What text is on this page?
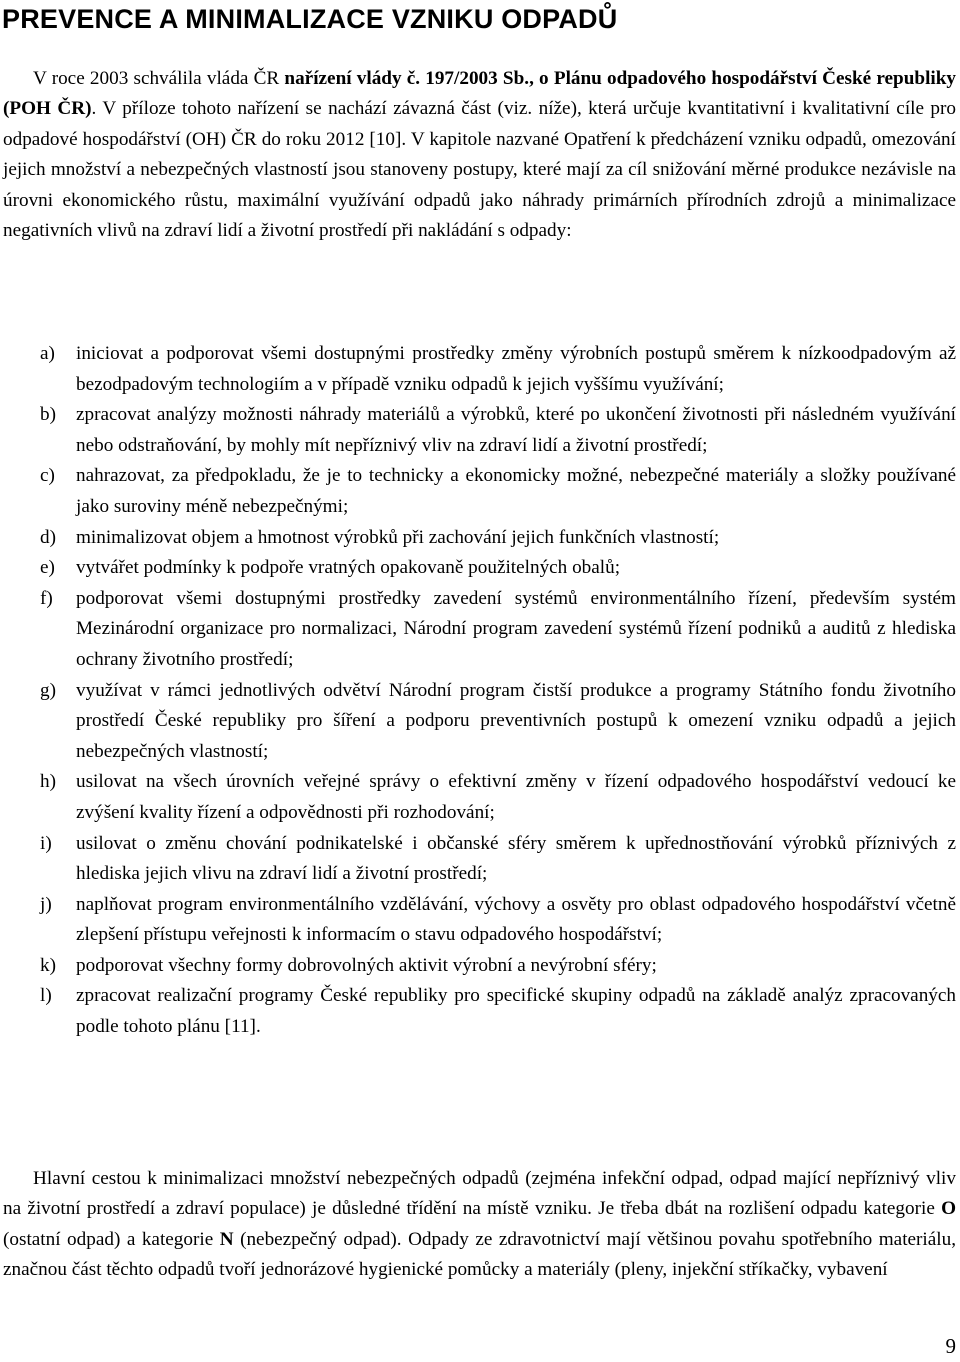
PREVENCE A MINIMALIZACE VZNIKU ODPADŮ

V roce 2003 schválila vláda ČR nařízení vlády č. 197/2003 Sb., o Plánu odpadového hospodářství České republiky (POH ČR). V příloze tohoto nařízení se nachází závazná část (viz. níže), která určuje kvantitativní i kvalitativní cíle pro odpadové hospodářství (OH) ČR do roku 2012 [10]. V kapitole nazvané Opatření k předcházení vzniku odpadů, omezování jejich množství a nebezpečných vlastností jsou stanoveny postupy, které mají za cíl snižování měrné produkce nezávisle na úrovni ekonomického růstu, maximální využívání odpadů jako náhrady primárních přírodních zdrojů a minimalizace negativních vlivů na zdraví lidí a životní prostředí při nakládání s odpady:

a) iniciovat a podporovat všemi dostupnými prostředky změny výrobních postupů směrem k nízkoodpadovým až bezodpadovým technologiím a v případě vzniku odpadů k jejich vyššímu využívání;
b) zpracovat analýzy možnosti náhrady materiálů a výrobků, které po ukončení životnosti při následném využívání nebo odstraňování, by mohly mít nepříznivý vliv na zdraví lidí a životní prostředí;
c) nahrazovat, za předpokladu, že je to technicky a ekonomicky možné, nebezpečné materiály a složky používané jako suroviny méně nebezpečnými;
d) minimalizovat objem a hmotnost výrobků při zachování jejich funkčních vlastností;
e) vytvářet podmínky k podpoře vratných opakovaně použitelných obalů;
f) podporovat všemi dostupnými prostředky zavedení systémů environmentálního řízení, především systém Mezinárodní organizace pro normalizaci, Národní program zavedení systémů řízení podniků a auditů z hlediska ochrany životního prostředí;
g) využívat v rámci jednotlivých odvětví Národní program čistší produkce a programy Státního fondu životního prostředí České republiky pro šíření a podporu preventivních postupů k omezení vzniku odpadů a jejich nebezpečných vlastností;
h) usilovat na všech úrovních veřejné správy o efektivní změny v řízení odpadového hospodářství vedoucí ke zvýšení kvality řízení a odpovědnosti při rozhodování;
i) usilovat o změnu chování podnikatelské i občanské sféry směrem k upřednostňování výrobků příznivých z hlediska jejich vlivu na zdraví lidí a životní prostředí;
j) naplňovat program environmentálního vzdělávání, výchovy a osvěty pro oblast odpadového hospodářství včetně zlepšení přístupu veřejnosti k informacím o stavu odpadového hospodářství;
k) podporovat všechny formy dobrovolných aktivit výrobní a nevýrobní sféry;
l) zpracovat realizační programy České republiky pro specifické skupiny odpadů na základě analýz zpracovaných podle tohoto plánu [11].

Hlavní cestou k minimalizaci množství nebezpečných odpadů (zejména infekční odpad, odpad mající nepříznivý vliv na životní prostředí a zdraví populace) je důsledné třídění na místě vzniku. Je třeba dbát na rozlišení odpadu kategorie O (ostatní odpad) a kategorie N (nebezpečný odpad). Odpady ze zdravotnictví mají většinou povahu spotřebního materiálu, značnou část těchto odpadů tvoří jednorázové hygienické pomůcky a materiály (pleny, injekční stříkačky, vybavení

9
